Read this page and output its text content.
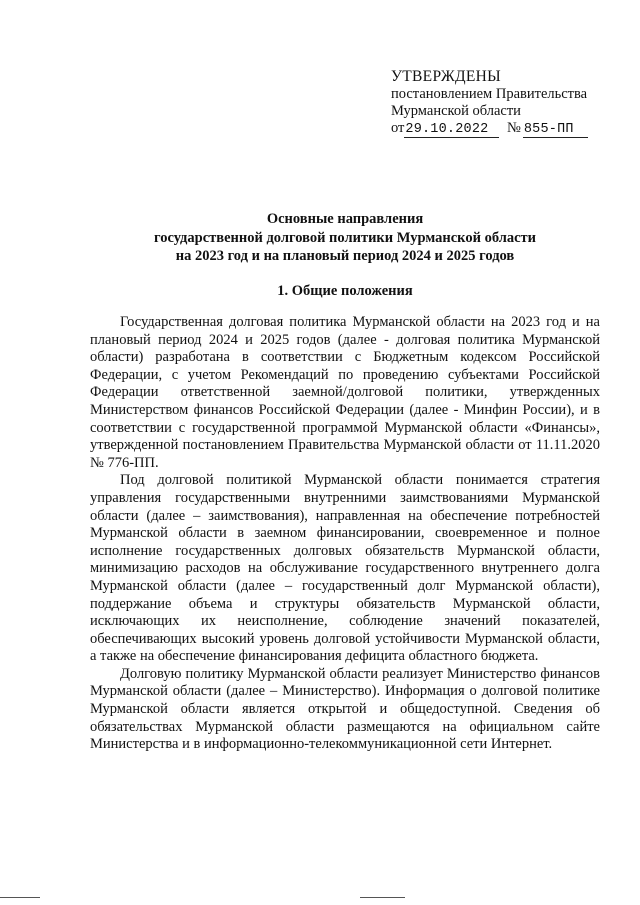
УТВЕРЖДЕНЫ
постановлением Правительства
Мурманской области
от29.10.2022 № 855-ПП
Основные направления
государственной долговой политики Мурманской области
на 2023 год и на плановый период 2024 и 2025 годов
1. Общие положения

Государственная долговая политика Мурманской области на 2023 год и на плановый период 2024 и 2025 годов (далее - долговая политика Мурманской области) разработана в соответствии с Бюджетным кодексом Российской Федерации, с учетом Рекомендаций по проведению субъектами Российской Федерации ответственной заемной/долговой политики, утвержденных Министерством финансов Российской Федерации (далее - Минфин России), и в соответствии с государственной программой Мурманской области «Финансы», утвержденной постановлением Правительства Мурманской области от 11.11.2020 № 776-ПП.

Под долговой политикой Мурманской области понимается стратегия управления государственными внутренними заимствованиями Мурманской области (далее – заимствования), направленная на обеспечение потребностей Мурманской области в заемном финансировании, своевременное и полное исполнение государственных долговых обязательств Мурманской области, минимизацию расходов на обслуживание государственного внутреннего долга Мурманской области (далее – государственный долг Мурманской области), поддержание объема и структуры обязательств Мурманской области, исключающих их неисполнение, соблюдение значений показателей, обеспечивающих высокий уровень долговой устойчивости Мурманской области, а также на обеспечение финансирования дефицита областного бюджета.

Долговую политику Мурманской области реализует Министерство финансов Мурманской области (далее – Министерство). Информация о долговой политике Мурманской области является открытой и общедоступной. Сведения об обязательствах Мурманской области размещаются на официальном сайте Министерства и в информационно-телекоммуникационной сети Интернет.
